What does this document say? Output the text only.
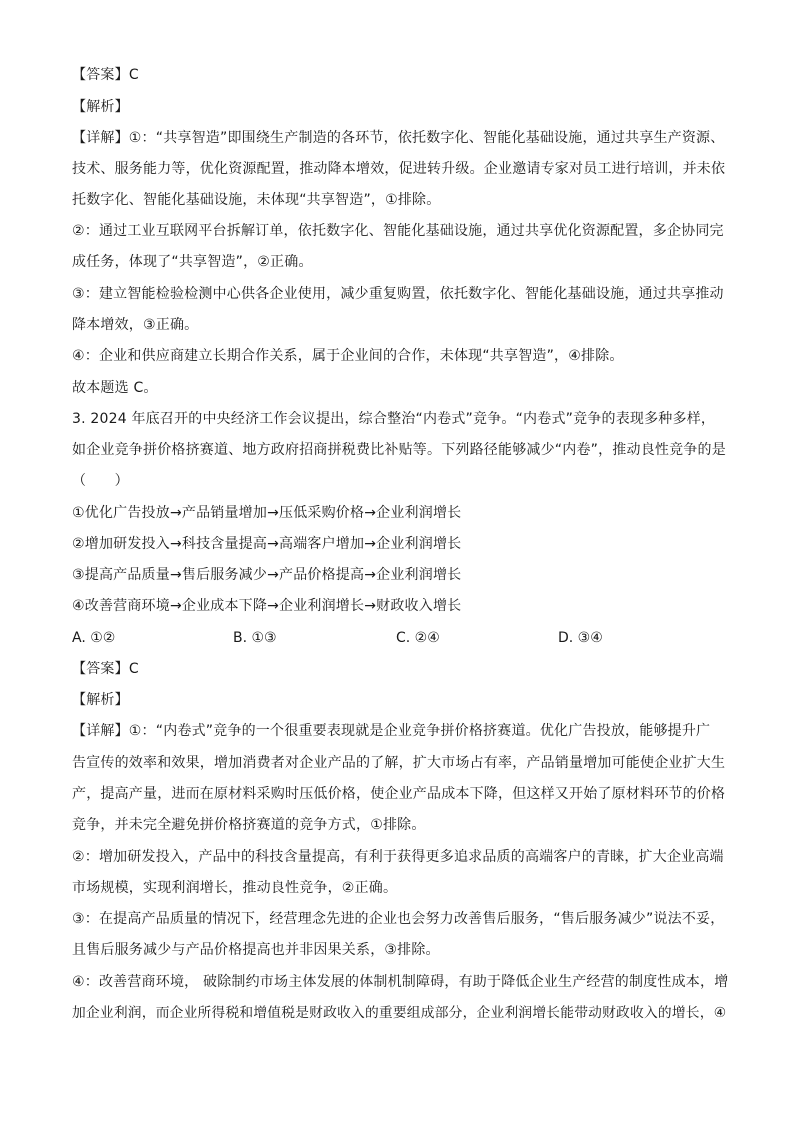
【答案】C
【解析】
【详解】①：“共享智造”即围绕生产制造的各环节，依托数字化、智能化基础设施，通过共享生产资源、
技术、服务能力等，优化资源配置，推动降本增效，促进转升级。企业邀请专家对员工进行培训，并未依
托数字化、智能化基础设施，未体现“共享智造”，①排除。
②：通过工业互联网平台拆解订单，依托数字化、智能化基础设施，通过共享优化资源配置，多企协同完
成任务，体现了“共享智造”，②正确。
③：建立智能检验检测中心供各企业使用，减少重复购置，依托数字化、智能化基础设施，通过共享推动
降本增效，③正确。
④：企业和供应商建立长期合作关系，属于企业间的合作，未体现“共享智造”，④排除。
故本题选 C。
3. 2024 年底召开的中央经济工作会议提出，综合整治“内卷式”竞争。“内卷式”竞争的表现多种多样，
如企业竞争拼价格挤赛道、地方政府招商拼税费比补贴等。下列路径能够减少“内卷”，推动良性竞争的是
（　　）
①优化广告投放→产品销量增加→压低采购价格→企业利润增长
②增加研发投入→科技含量提高→高端客户增加→企业利润增长
③提高产品质量→售后服务减少→产品价格提高→企业利润增长
④改善营商环境→企业成本下降→企业利润增长→财政收入增长
A. ①②	B. ①③	C. ②④	D. ③④
【答案】C
【解析】
【详解】①：“内卷式”竞争的一个很重要表现就是企业竞争拼价格挤赛道。优化广告投放，能够提升广
告宣传的效率和效果，增加消费者对企业产品的了解，扩大市场占有率，产品销量增加可能使企业扩大生
产，提高产量，进而在原材料采购时压低价格，使企业产品成本下降，但这样又开始了原材料环节的价格
竞争，并未完全避免拼价格挤赛道的竞争方式，①排除。
②：增加研发投入，产品中的科技含量提高，有利于获得更多追求品质的高端客户的青睐，扩大企业高端
市场规模，实现利润增长，推动良性竞争，②正确。
③：在提高产品质量的情况下，经营理念先进的企业也会努力改善售后服务，“售后服务减少”说法不妥，
且售后服务减少与产品价格提高也并非因果关系，③排除。
④：改善营商环境， 破除制约市场主体发展的体制机制障碍，有助于降低企业生产经营的制度性成本，增
加企业利润，而企业所得税和增值税是财政收入的重要组成部分，企业利润增长能带动财政收入的增长，④
